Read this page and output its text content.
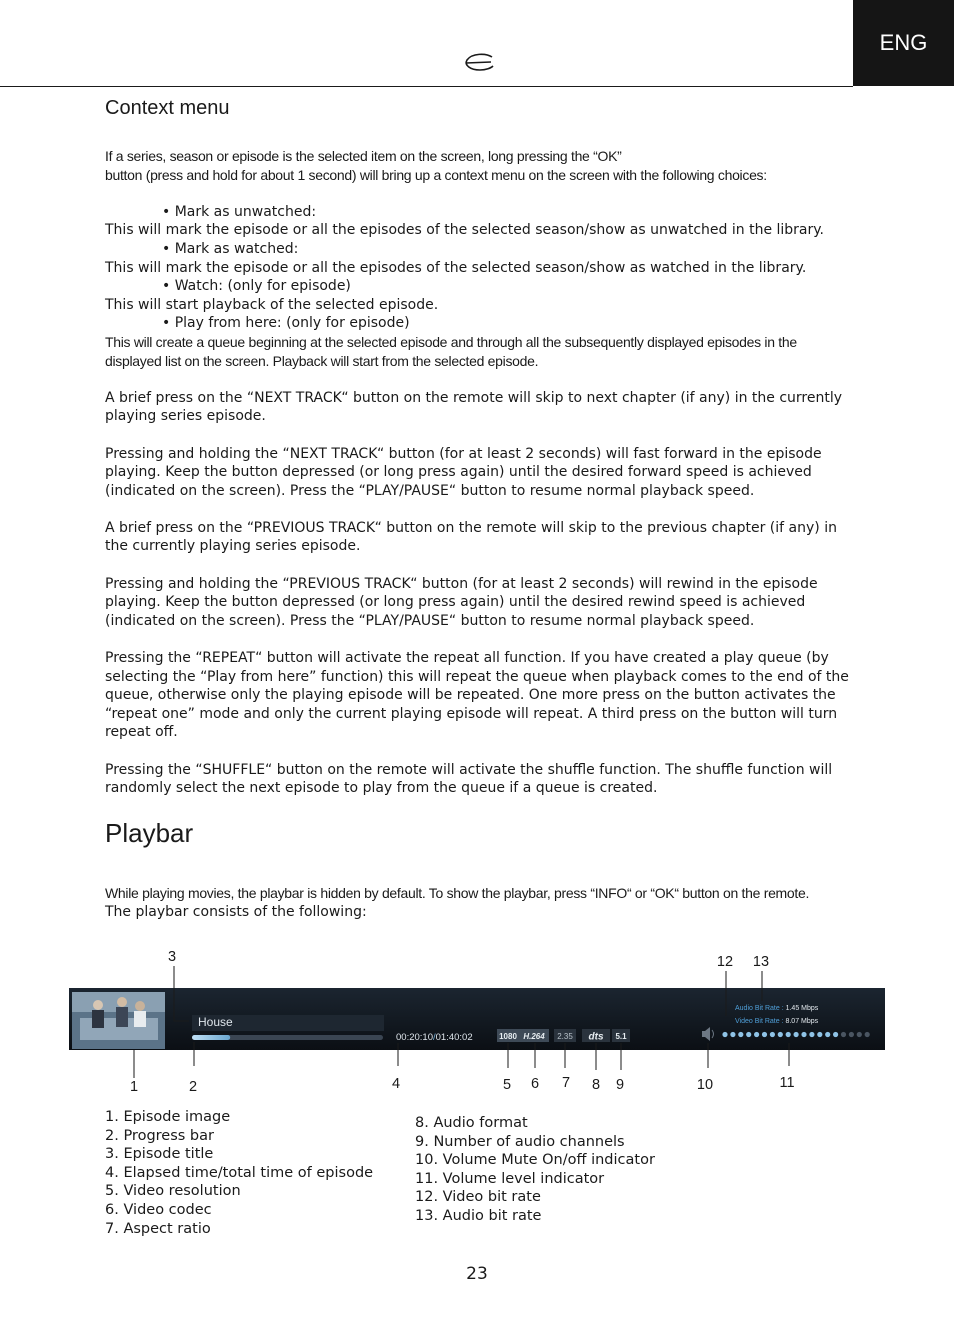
ENG
Context menu

If a series, season or episode is the selected item on the screen, long pressing the “OK”

button (press and hold for about 1 second) will bring up a context menu on the screen with the following choices:

• Mark as unwatched:

This will mark the episode or all the episodes of the selected season/show as unwatched in the library.

• Mark as watched:

This will mark the episode or all the episodes of the selected season/show as watched in the library.

• Watch: (only for episode)

This will start playback of the selected episode.

• Play from here: (only for episode)

This will create a queue beginning at the selected episode and through all the subsequently displayed episodes in the displayed list on the screen. Playback will start from the selected episode.

A brief press on the “NEXT TRACK“ button on the remote will skip to next chapter (if any) in the currently playing series episode.

Pressing and holding the “NEXT TRACK“ button (for at least 2 seconds) will fast forward in the episode playing. Keep the button depressed (or long press again) until the desired forward speed is achieved (indicated on the screen). Press the “PLAY/PAUSE“ button to resume normal playback speed.

A brief press on the “PREVIOUS TRACK“ button on the remote will skip to the previous chapter (if any) in the currently playing series episode.

Pressing and holding the “PREVIOUS TRACK“ button (for at least 2 seconds) will rewind in the episode playing. Keep the button depressed (or long press again) until the desired rewind speed is achieved (indicated on the screen). Press the “PLAY/PAUSE“ button to resume normal playback speed.

Pressing the “REPEAT“ button will activate the repeat all function. If you have created a play queue (by selecting the “Play from here” function) this will repeat the queue when playback comes to the end of the queue, otherwise only the playing episode will be repeated. One more press on the button activates the “repeat one” mode and only the current playing episode will repeat. A third press on the button will turn repeat off.

Pressing the “SHUFFLE“ button on the remote will activate the shuffle function. The shuffle function will randomly select the next episode to play from the queue if a queue is created.

Playbar

While playing movies, the playbar is hidden by default. To show the playbar, press “INFO“ or “OK“ button on the remote.

The playbar consists of the following:

House
00:20:10/01:40:02	1080 H.264 2.35 dts 5.1
Audio Bit Rate : 1.45 Mbps
Video Bit Rate : 8.07 Mbps
1	2
3
4	5 6 7 8 9	10	11
12 13
1. Episode image
2. Progress bar
3. Episode title
4. Elapsed time/total time of episode
5. Video resolution
6. Video codec
7. Aspect ratio
8. Audio format
9. Number of audio channels
10. Volume Mute On/off indicator
11. Volume level indicator
12. Video bit rate
13. Audio bit rate
23
